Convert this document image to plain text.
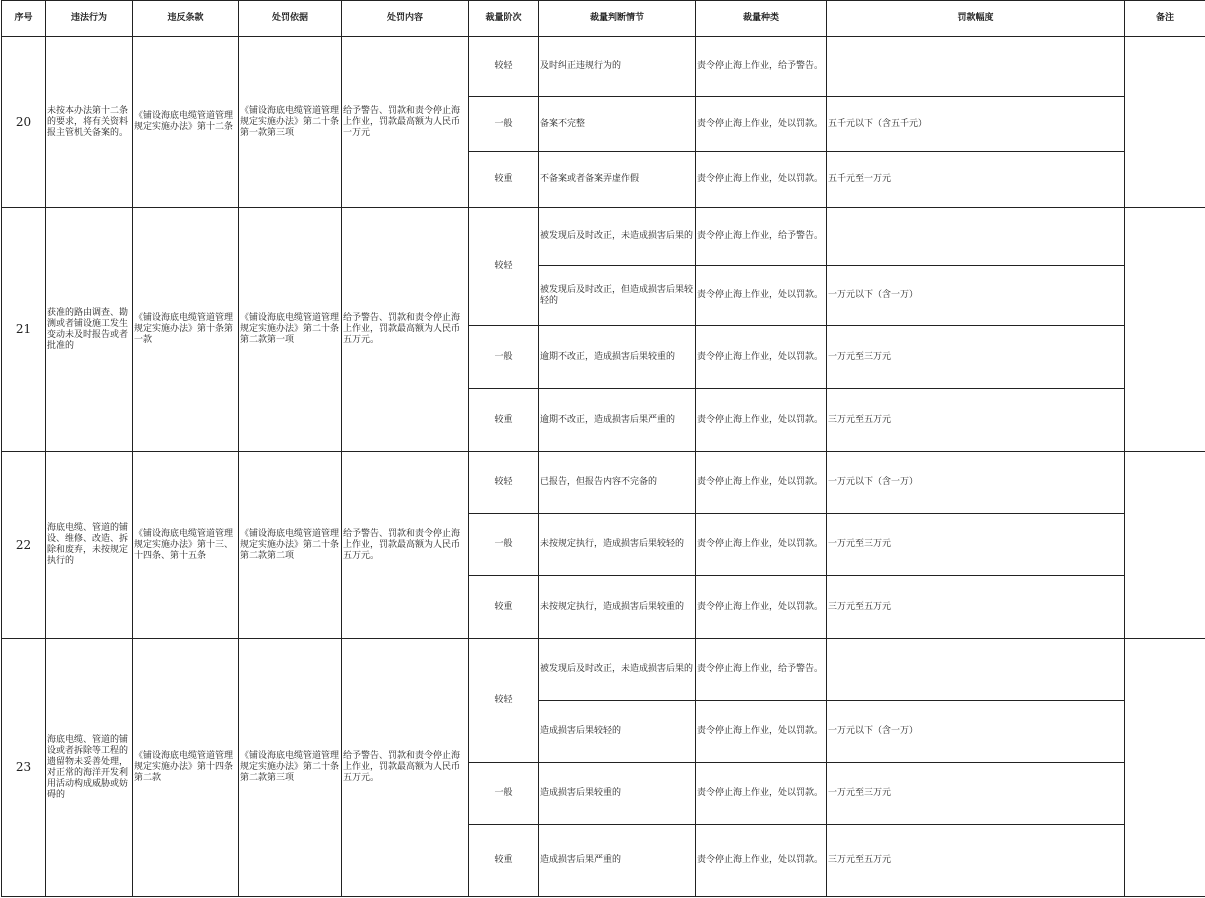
序号	违法行为	违反条款	处罚依据	处罚内容	裁量阶次	裁量判断情节	裁量种类	罚款幅度	备注
20	未按本办法第十二条的要求，将有关资料报主管机关备案的。	《铺设海底电缆管道管理规定实施办法》第十二条	《铺设海底电缆管道管理规定实施办法》第二十条第一款第三项	给予警告、罚款和责令停止海上作业，罚款最高额为人民币一万元	较轻	及时纠正违规行为的	责令停止海上作业，给予警告。		
					一般	备案不完整	责令停止海上作业，处以罚款。	五千元以下（含五千元）	
					较重	不备案或者备案弄虚作假	责令停止海上作业，处以罚款。	五千元至一万元	
21	获准的路由调查、勘测或者铺设施工发生变动未及时报告或者批准的	《铺设海底电缆管道管理规定实施办法》第十条第一款	《铺设海底电缆管道管理规定实施办法》第二十条第二款第一项	给予警告、罚款和责令停止海上作业，罚款最高额为人民币五万元。	较轻	被发现后及时改正，未造成损害后果的	责令停止海上作业，给予警告。		
						被发现后及时改正，但造成损害后果较轻的	责令停止海上作业，处以罚款。	一万元以下（含一万）	
					一般	逾期不改正，造成损害后果较重的	责令停止海上作业，处以罚款。	一万元至三万元	
					较重	逾期不改正，造成损害后果严重的	责令停止海上作业，处以罚款。	三万元至五万元	
22	海底电缆、管道的铺设、维修、改造、拆除和废弃，未按规定执行的	《铺设海底电缆管道管理规定实施办法》第十三、十四条、第十五条	《铺设海底电缆管道管理规定实施办法》第二十条第二款第二项	给予警告、罚款和责令停止海上作业，罚款最高额为人民币五万元。	较轻	已报告，但报告内容不完备的	责令停止海上作业，处以罚款。	一万元以下（含一万）	
					一般	未按规定执行，造成损害后果较轻的	责令停止海上作业，处以罚款。	一万元至三万元	
					较重	未按规定执行，造成损害后果较重的	责令停止海上作业，处以罚款。	三万元至五万元	
23	海底电缆、管道的铺设或者拆除等工程的遗留物未妥善处理，对正常的海洋开发利用活动构成威胁或妨碍的	《铺设海底电缆管道管理规定实施办法》第十四条第二款	《铺设海底电缆管道管理规定实施办法》第二十条第二款第三项	给予警告、罚款和责令停止海上作业，罚款最高额为人民币五万元。	较轻	被发现后及时改正，未造成损害后果的	责令停止海上作业，给予警告。		
						造成损害后果较轻的	责令停止海上作业，处以罚款。	一万元以下（含一万）	
					一般	造成损害后果较重的	责令停止海上作业，处以罚款。	一万元至三万元	
					较重	造成损害后果严重的	责令停止海上作业，处以罚款。	三万元至五万元	
